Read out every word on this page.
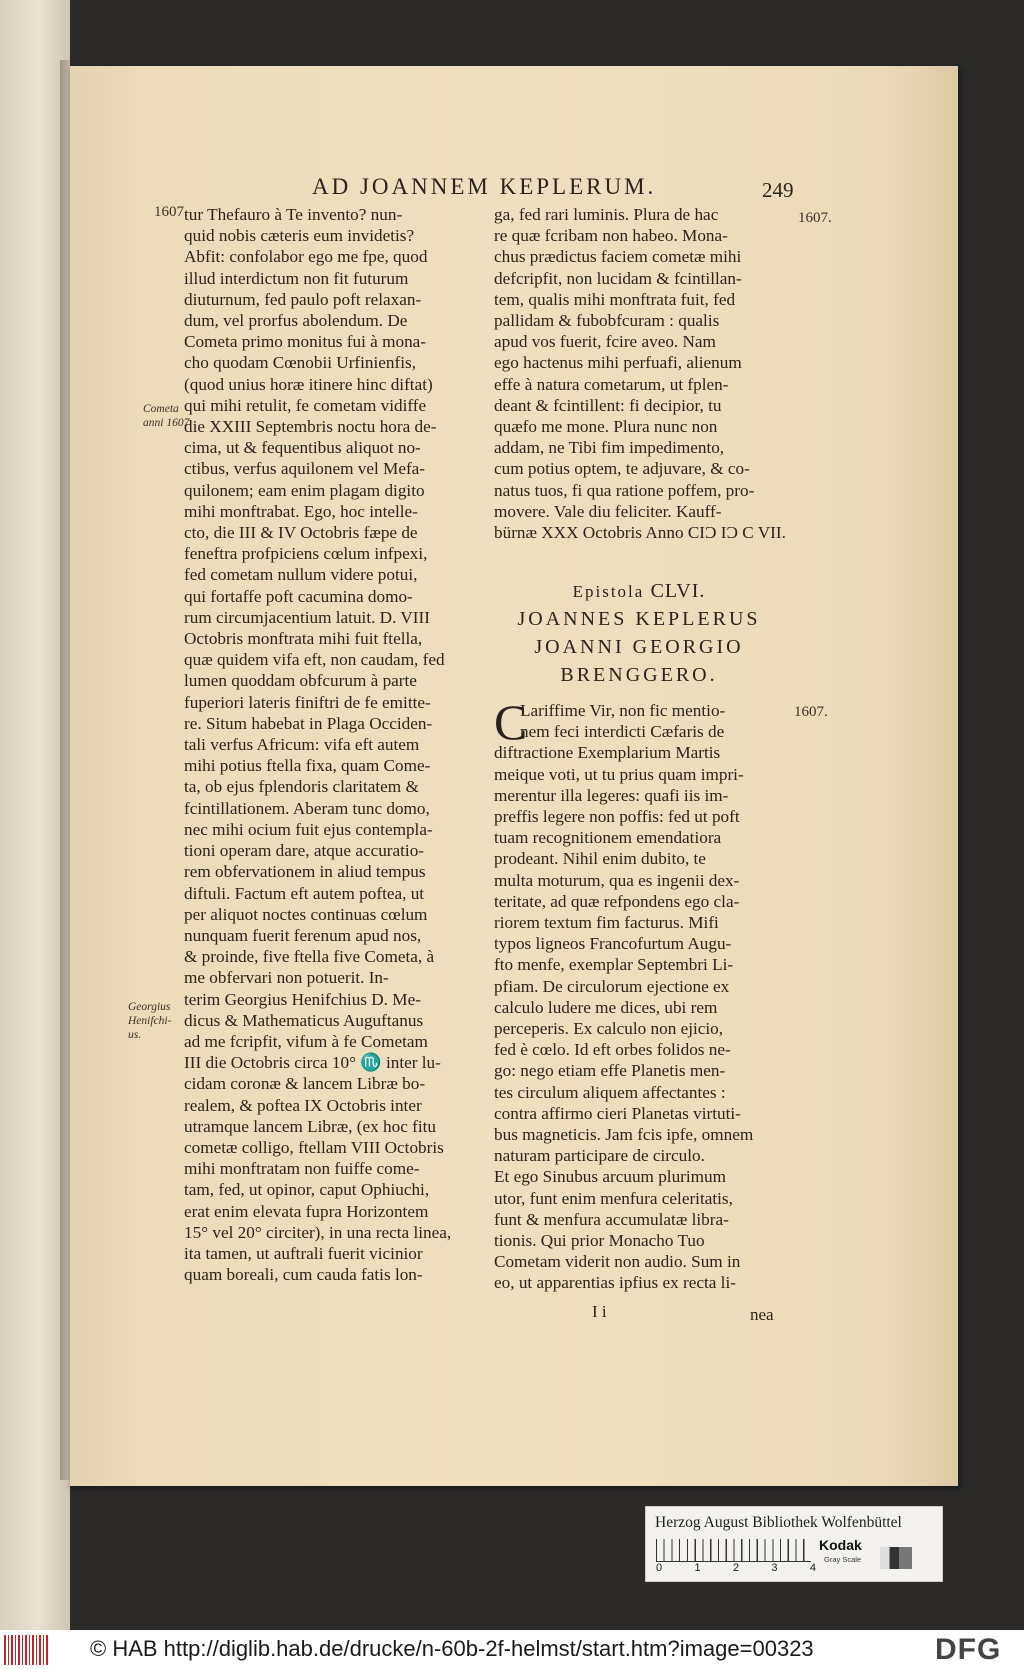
AD JOANNEM KEPLERUM.	249
1607.	1607.
1607.
Cometa
anni 1607.
Georgius
Henifchi-
us.
tur Thefauro à Te invento? nun-
quid nobis cæteris eum invidetis?
Abfit: confolabor ego me fpe, quod
illud interdictum non fit futurum
diuturnum, fed paulo poft relaxan-
dum, vel prorfus abolendum. De
Cometa primo monitus fui à mona-
cho quodam Cœnobii Urfinienfis,
(quod unius horæ itinere hinc diftat)
qui mihi retulit, fe cometam vidiffe
die XXIII Septembris noctu hora de-
cima, ut & fequentibus aliquot no-
ctibus, verfus aquilonem vel Mefa-
quilonem; eam enim plagam digito
mihi monftrabat. Ego, hoc intelle-
cto, die III & IV Octobris fæpe de
feneftra profpiciens cœlum infpexi,
fed cometam nullum videre potui,
qui fortaffe poft cacumina domo-
rum circumjacentium latuit. D. VIII
Octobris monftrata mihi fuit ftella,
quæ quidem vifa eft, non caudam, fed
lumen quoddam obfcurum à parte
fuperiori lateris finiftri de fe emitte-
re. Situm habebat in Plaga Occiden-
tali verfus Africum: vifa eft autem
mihi potius ftella fixa, quam Come-
ta, ob ejus fplendoris claritatem &
fcintillationem. Aberam tunc domo,
nec mihi ocium fuit ejus contempla-
tioni operam dare, atque accuratio-
rem obfervationem in aliud tempus
diftuli. Factum eft autem poftea, ut
per aliquot noctes continuas cœlum
nunquam fuerit ferenum apud nos,
& proinde, five ftella five Cometa, à
me obfervari non potuerit. In-
terim Georgius Henifchius D. Me-
dicus & Mathematicus Auguftanus
ad me fcripfit, vifum à fe Cometam
III die Octobris circa 10° ♏ inter lu-
cidam coronæ & lancem Libræ bo-
realem, & poftea IX Octobris inter
utramque lancem Libræ, (ex hoc fitu
cometæ colligo, ftellam VIII Octobris
mihi monftratam non fuiffe come-
tam, fed, ut opinor, caput Ophiuchi,
erat enim elevata fupra Horizontem
15° vel 20° circiter), in una recta linea,
ita tamen, ut auftrali fuerit vicinior
quam boreali, cum cauda fatis lon-
ga, fed rari luminis. Plura de hac
re quæ fcribam non habeo. Mona-
chus prædictus faciem cometæ mihi
defcripfit, non lucidam & fcintillan-
tem, qualis mihi monftrata fuit, fed
pallidam & fubobfcuram : qualis
apud vos fuerit, fcire aveo. Nam
ego hactenus mihi perfuafi, alienum
effe à natura cometarum, ut fplen-
deant & fcintillent: fi decipior, tu
quæfo me mone. Plura nunc non
addam, ne Tibi fim impedimento,
cum potius optem, te adjuvare, & co-
natus tuos, fi qua ratione poffem, pro-
movere. Vale diu feliciter. Kauff-
bürnæ XXX Octobris Anno CIƆ IƆ C VII.
Epistola CLVI.
JOANNES KEPLERUS
JOANNI GEORGIO
BRENGGERO.
C
Lariffime Vir, non fic mentio-
nem feci interdicti Cæfaris de
diftractione Exemplarium Martis
meique voti, ut tu prius quam impri-
merentur illa legeres: quafi iis im-
preffis legere non poffis: fed ut poft
tuam recognitionem emendatiora
prodeant. Nihil enim dubito, te
multa moturum, qua es ingenii dex-
teritate, ad quæ refpondens ego cla-
riorem textum fim facturus. Mifi
typos ligneos Francofurtum Augu-
fto menfe, exemplar Septembri Li-
pfiam. De circulorum ejectione ex
calculo ludere me dices, ubi rem
perceperis. Ex calculo non ejicio,
fed è cœlo. Id eft orbes folidos ne-
go: nego etiam effe Planetis men-
tes circulum aliquem affectantes :
contra affirmo cieri Planetas virtuti-
bus magneticis. Jam fcis ipfe, omnem
naturam participare de circulo.
Et ego Sinubus arcuum plurimum
utor, funt enim menfura celeritatis,
funt & menfura accumulatæ libra-
tionis. Qui prior Monacho Tuo
Cometam viderit non audio. Sum in
eo, ut apparentias ipfius ex recta li-
I i	nea
Herzog August Bibliothek Wolfenbüttel
0	1	2	3	4
Kodak
Gray Scale
© HAB http://diglib.hab.de/drucke/n-60b-2f-helmst/start.htm?image=00323	DFG
